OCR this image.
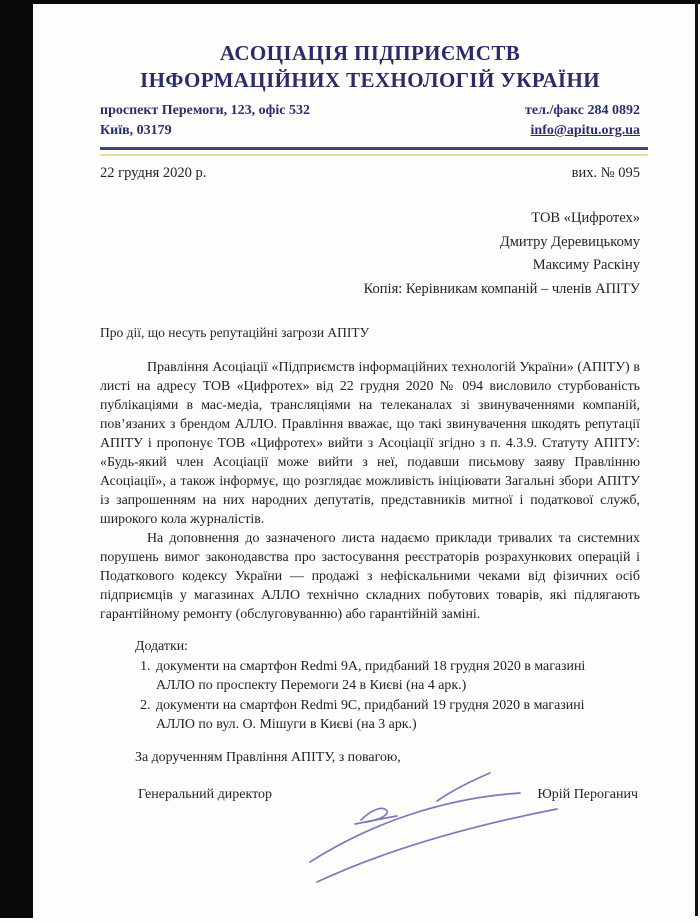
АСОЦІАЦІЯ ПІДПРИЄМСТВ
ІНФОРМАЦІЙНИХ ТЕХНОЛОГІЙ УКРАЇНИ
проспект Перемоги, 123, офіс 532	тел./факс 284 0892
Київ, 03179	info@apitu.org.ua
22 грудня 2020 р.	вих. № 095
ТОВ «Цифротех»
Дмитру Деревицькому
Максиму Раскіну
Копія: Керівникам компаній – членів АПІТУ
Про дії, що несуть репутаційні загрози АПІТУ

Правління Асоціації «Підприємств інформаційних технологій України» (АПІТУ) в листі на адресу ТОВ «Цифротех» від 22 грудня 2020 № 094 висловило стурбованість публікаціями в мас-медіа, трансляціями на телеканалах зі звинуваченнями компаній, пов’язаних з брендом АЛЛО. Правління вважає, що такі звинувачення шкодять репутації АПІТУ і пропонує ТОВ «Цифротех» вийти з Асоціації згідно з п. 4.3.9. Статуту АПІТУ: «Будь-який член Асоціації може вийти з неї, подавши письмову заяву Правлінню Асоціації», а також інформує, що розглядає можливість ініціювати Загальні збори АПІТУ із запрошенням на них народних депутатів, представників митної і податкової служб, широкого кола журналістів.

На доповнення до зазначеного листа надаємо приклади тривалих та системних порушень вимог законодавства про застосування реєстраторів розрахункових операцій і Податкового кодексу України — продажі з нефіскальними чеками від фізичних осіб підприємців у магазинах АЛЛО технічно складних побутових товарів, які підлягають гарантійному ремонту (обслуговуванню) або гарантійній заміні.

Додатки:
1. документи на смартфон Redmi 9A, придбаний 18 грудня 2020 в магазині АЛЛО по проспекту Перемоги 24 в Києві (на 4 арк.)
2. документи на смартфон Redmi 9C, придбаний 19 грудня 2020 в магазині АЛЛО по вул. О. Мішуги в Києві (на 3 арк.)
За дорученням Правління АПІТУ, з повагою,
Генеральний директор	Юрій Пероганич
